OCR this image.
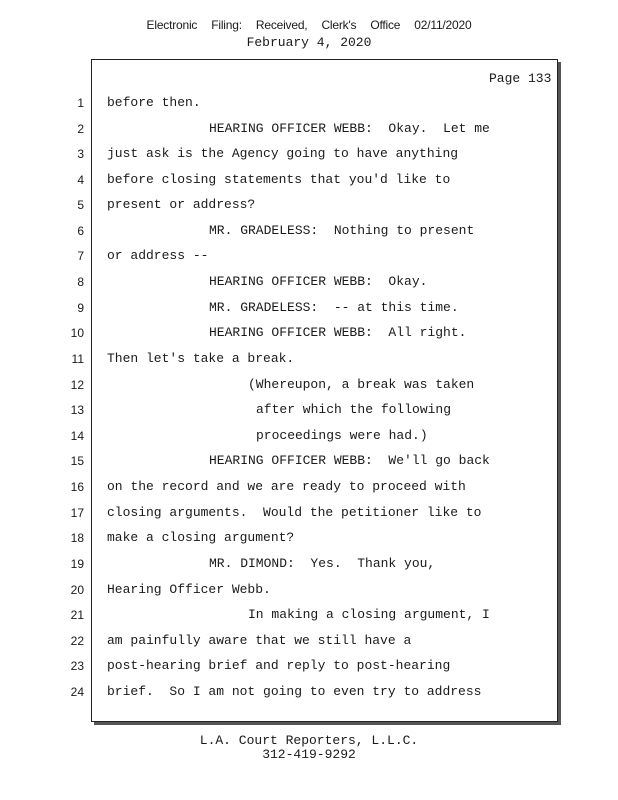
Electronic Filing: Received, Clerk's Office 02/11/2020
February 4, 2020
Page 133
1 before then.
2	HEARING OFFICER WEBB:  Okay.  Let me
3 just ask is the Agency going to have anything
4 before closing statements that you'd like to
5 present or address?
6	MR. GRADELESS:  Nothing to present
7 or address --
8	HEARING OFFICER WEBB:  Okay.
9	MR. GRADELESS:  -- at this time.
10	HEARING OFFICER WEBB:  All right.
11 Then let's take a break.
12	(Whereupon, a break was taken
13	after which the following
14	proceedings were had.)
15	HEARING OFFICER WEBB:  We'll go back
16 on the record and we are ready to proceed with
17 closing arguments.  Would the petitioner like to
18 make a closing argument?
19	MR. DIMOND:  Yes.  Thank you,
20 Hearing Officer Webb.
21	In making a closing argument, I
22 am painfully aware that we still have a
23 post-hearing brief and reply to post-hearing
24 brief.  So I am not going to even try to address
L.A. Court Reporters, L.L.C.
312-419-9292
